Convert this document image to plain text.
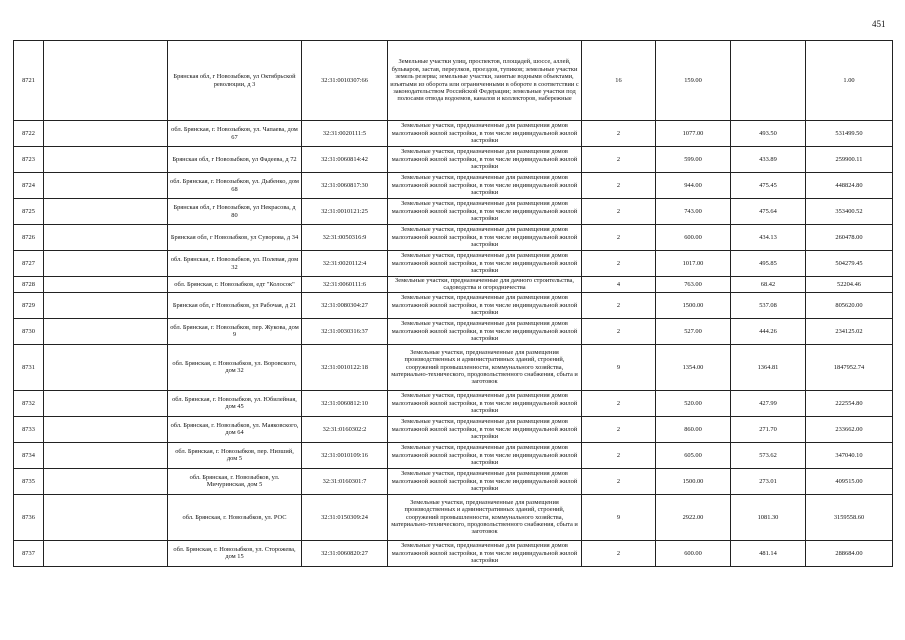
451
8721		Брянская обл, г Новозыбков, ул Октябрьской революции, д 3	32:31:0010307:66	Земельные участки улиц, проспектов, площадей, шоссе, аллей, бульваров, застав, переулков, проездов, тупиков; земельные участки земель резерва; земельные участки, занятые водными объектами, изъятыми из оборота или ограниченными в обороте в соответствии с законодательством Российской Федерации; земельные участки под полосами отвода водоемов, каналов и коллекторов, набережные	16	159.00		1.00
8722		обл. Брянская, г. Новозыбков, ул. Чапаева, дом 67	32:31:0020111:5	Земельные участки, предназначенные для размещения домов малоэтажной жилой застройки, в том числе индивидуальной жилой застройки	2	1077.00	493.50	531499.50
8723		Брянская обл, г Новозыбков, ул Фадеева, д 72	32:31:0060814:42	Земельные участки, предназначенные для размещения домов малоэтажной жилой застройки, в том числе индивидуальной жилой застройки	2	599.00	433.89	259900.11
8724		обл. Брянская, г. Новозыбков, ул. Дыбенко, дом 68	32:31:0060817:30	Земельные участки, предназначенные для размещения домов малоэтажной жилой застройки, в том числе индивидуальной жилой застройки	2	944.00	475.45	448824.80
8725		Брянская обл, г Новозыбков, ул Некрасова, д 80	32:31:0010121:25	Земельные участки, предназначенные для размещения домов малоэтажной жилой застройки, в том числе индивидуальной жилой застройки	2	743.00	475.64	353400.52
8726		Брянская обл, г Новозыбков, ул Суворова, д 34	32:31:0050316:9	Земельные участки, предназначенные для размещения домов малоэтажной жилой застройки, в том числе индивидуальной жилой застройки	2	600.00	434.13	260478.00
8727		обл. Брянская, г. Новозыбков, ул. Полевая, дом 32	32:31:0020112:4	Земельные участки, предназначенные для размещения домов малоэтажной жилой застройки, в том числе индивидуальной жилой застройки	2	1017.00	495.85	504279.45
8728		обл. Брянская, г. Новозыбков, едт "Колосок"	32:31:0060111:6	Земельные участки, предназначенные для дачного строительства, садоводства и огородничества	4	763.00	68.42	52204.46
8729		Брянская обл, г Новозыбков, ул Рабочая, д 21	32:31:0080304:27	Земельные участки, предназначенные для размещения домов малоэтажной жилой застройки, в том числе индивидуальной жилой застройки	2	1500.00	537.08	805620.00
8730		обл. Брянская, г. Новозыбков, пер. Жукова, дом 9	32:31:0030316:37	Земельные участки, предназначенные для размещения домов малоэтажной жилой застройки, в том числе индивидуальной жилой застройки	2	527.00	444.26	234125.02
8731		обл. Брянская, г. Новозыбков, ул. Воровского, дом 32	32:31:0010122:18	Земельные участки, предназначенные для размещения производственных и административных зданий, строений, сооружений промышленности, коммунального хозяйства, материально-технического, продовольственного снабжения, сбыта и заготовок	9	1354.00	1364.81	1847952.74
8732		обл. Брянская, г. Новозыбков, ул. Юбилейная, дом 45	32:31:0060812:10	Земельные участки, предназначенные для размещения домов малоэтажной жилой застройки, в том числе индивидуальной жилой застройки	2	520.00	427.99	222554.80
8733		обл. Брянская, г. Новозыбков, ул. Маяковского, дом 64	32:31:0160302:2	Земельные участки, предназначенные для размещения домов малоэтажной жилой застройки, в том числе индивидуальной жилой застройки	2	860.00	271.70	233662.00
8734		обл. Брянская, г. Новозыбков, пер. Низший, дом 5	32:31:0010109:16	Земельные участки, предназначенные для размещения домов малоэтажной жилой застройки, в том числе индивидуальной жилой застройки	2	605.00	573.62	347040.10
8735		обл. Брянская, г. Новозыбков, ул. Мичуринская, дом 5	32:31:0160301:7	Земельные участки, предназначенные для размещения домов малоэтажной жилой застройки, в том числе индивидуальной жилой застройки	2	1500.00	273.01	409515.00
8736		обл. Брянская, г. Новозыбков, ул. РОС	32:31:0150309:24	Земельные участки, предназначенные для размещения производственных и административных зданий, строений, сооружений промышленности, коммунального хозяйства, материально-технического, продовольственного снабжения, сбыта и заготовок	9	2922.00	1081.30	3159558.60
8737		обл. Брянская, г. Новозыбков, ул. Сторожева, дом 15	32:31:0060820:27	Земельные участки, предназначенные для размещения домов малоэтажной жилой застройки, в том числе индивидуальной жилой застройки	2	600.00	481.14	288684.00
